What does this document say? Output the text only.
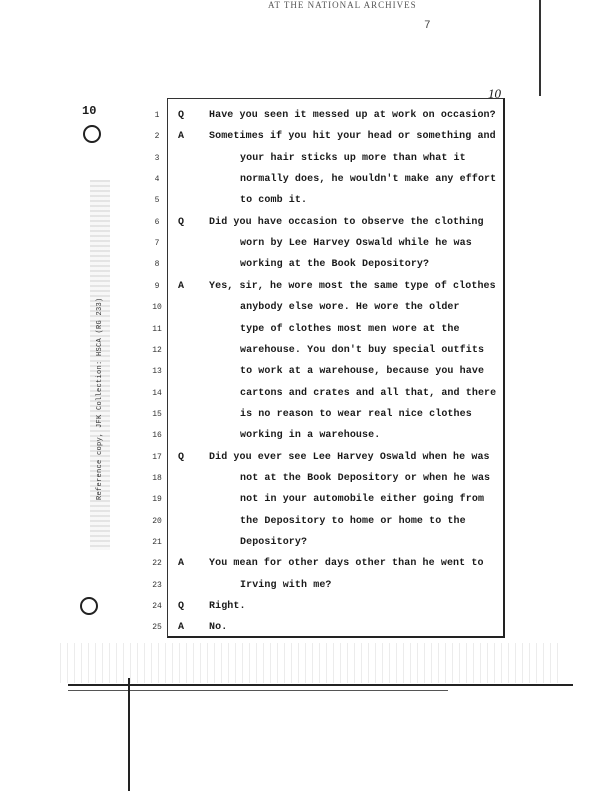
AT THE NATIONAL ARCHIVES
7
10
10
Reference copy, JFK Collection: HSCA (RG 233)
1	Q Have you seen it messed up at work on occasion?
2	A Sometimes if you hit your head or something and
3	your hair sticks up more than what it
4	normally does, he wouldn't make any effort
5	to comb it.
6	Q Did you have occasion to observe the clothing
7	worn by Lee Harvey Oswald while he was
8	working at the Book Depository?
9	A Yes, sir, he wore most the same type of clothes
10	anybody else wore. He wore the older
11	type of clothes most men wore at the
12	warehouse. You don't buy special outfits
13	to work at a warehouse, because you have
14	cartons and crates and all that, and there
15	is no reason to wear real nice clothes
16	working in a warehouse.
17	Q Did you ever see Lee Harvey Oswald when he was
18	not at the Book Depository or when he was
19	not in your automobile either going from
20	the Depository to home or home to the
21	Depository?
22	A You mean for other days other than he went to
23	Irving with me?
24	Q Right.
25	A No.
